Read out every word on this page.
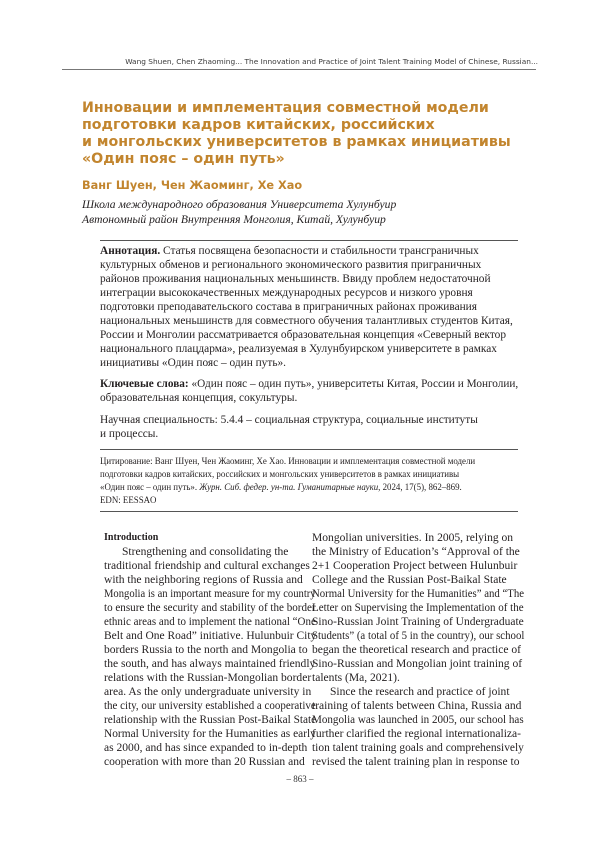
Wang Shuen, Chen Zhaoming... The Innovation and Practice of Joint Talent Training Model of Chinese, Russian...
Инновации и имплементация совместной модели
подготовки кадров китайских, российских
и монгольских университетов в рамках инициативы
«Один пояс – один путь»

Ванг Шуен, Чен Жаоминг, Хе Хао

Школа международного образования Университета Хулунбуир

Автономный район Внутренняя Монголия, Китай, Хулунбуир

Аннотация. Статья посвящена безопасности и стабильности трансграничных
культурных обменов и регионального экономического развития приграничных
районов проживания национальных меньшинств. Ввиду проблем недостаточной
интеграции высококачественных международных ресурсов и низкого уровня
подготовки преподавательского состава в приграничных районах проживания
национальных меньшинств для совместного обучения талантливых студентов Китая,
России и Монголии рассматривается образовательная концепция «Северный вектор
национального плацдарма», реализуемая в Хулунбуирском университете в рамках
инициативы «Один пояс – один путь».
Ключевые слова: «Один пояс – один путь», университеты Китая, России и Монголии,
образовательная концепция, сокультуры.
Научная специальность: 5.4.4 – социальная структура, социальные институты
и процессы.
Цитирование: Ванг Шуен, Чен Жаоминг, Хе Хао. Инновации и имплементация совместной модели
подготовки кадров китайских, российских и монгольских университетов в рамках инициативы
«Один пояс – один путь». Журн. Сиб. федер. ун-та. Гуманитарные науки, 2024, 17(5), 862–869.
EDN: EESSAO
Introduction
Strengthening and consolidating the
traditional friendship and cultural exchanges
with the neighboring regions of Russia and
Mongolia is an important measure for my country
to ensure the security and stability of the border
ethnic areas and to implement the national “One
Belt and One Road” initiative. Hulunbuir City
borders Russia to the north and Mongolia to
the south, and has always maintained friendly
relations with the Russian-Mongolian border
area. As the only undergraduate university in
the city, our university established a cooperative
relationship with the Russian Post-Baikal State
Normal University for the Humanities as early
as 2000, and has since expanded to in-depth
cooperation with more than 20 Russian and
Mongolian universities. In 2005, relying on
the Ministry of Education’s “Approval of the
2+1 Cooperation Project between Hulunbuir
College and the Russian Post-Baikal State
Normal University for the Humanities” and “The
Letter on Supervising the Implementation of the
Sino-Russian Joint Training of Undergraduate
Students” (a total of 5 in the country), our school
began the theoretical research and practice of
Sino-Russian and Mongolian joint training of
talents (Ma, 2021).
Since the research and practice of joint
training of talents between China, Russia and
Mongolia was launched in 2005, our school has
further clarified the regional internationaliza-
tion talent training goals and comprehensively
revised the talent training plan in response to
– 863 –
